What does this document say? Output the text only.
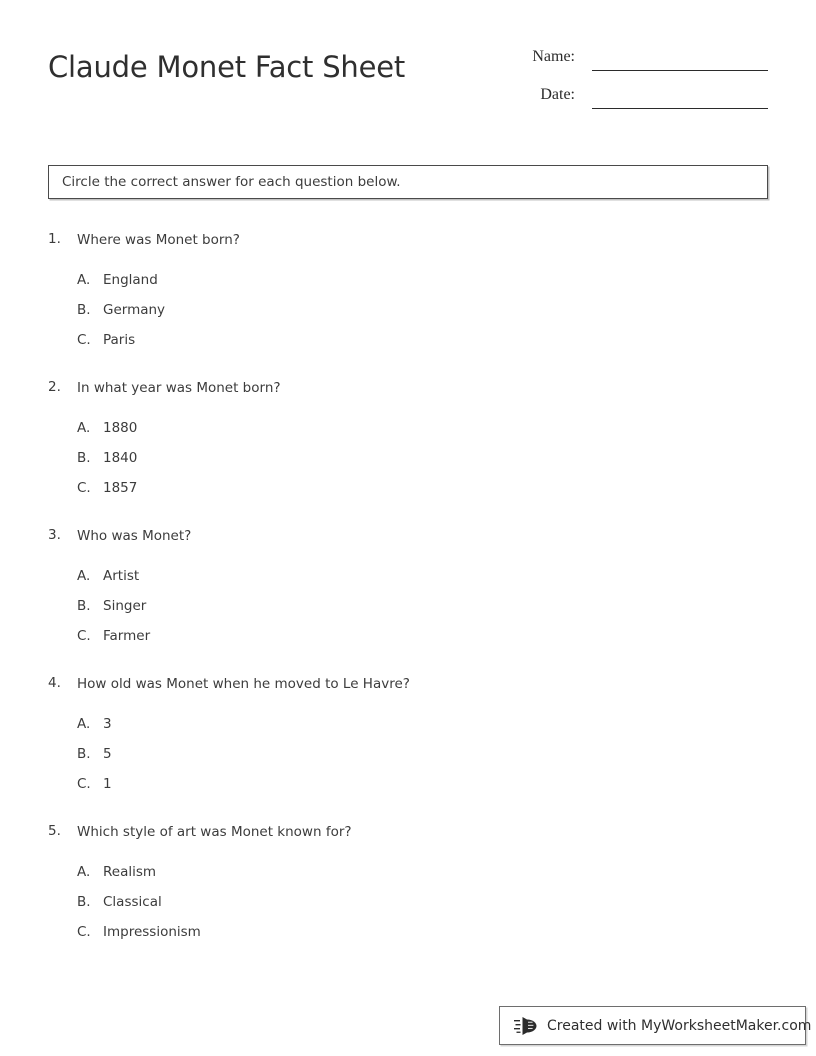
Claude Monet Fact Sheet	Name:
Date:
Circle the correct answer for each question below.
1. Where was Monet born?
A. England
B. Germany
C. Paris
2. In what year was Monet born?
A. 1880
B. 1840
C. 1857
3. Who was Monet?
A. Artist
B. Singer
C. Farmer
4. How old was Monet when he moved to Le Havre?
A. 3
B. 5
C. 1
5. Which style of art was Monet known for?
A. Realism
B. Classical
C. Impressionism
Created with MyWorksheetMaker.com
